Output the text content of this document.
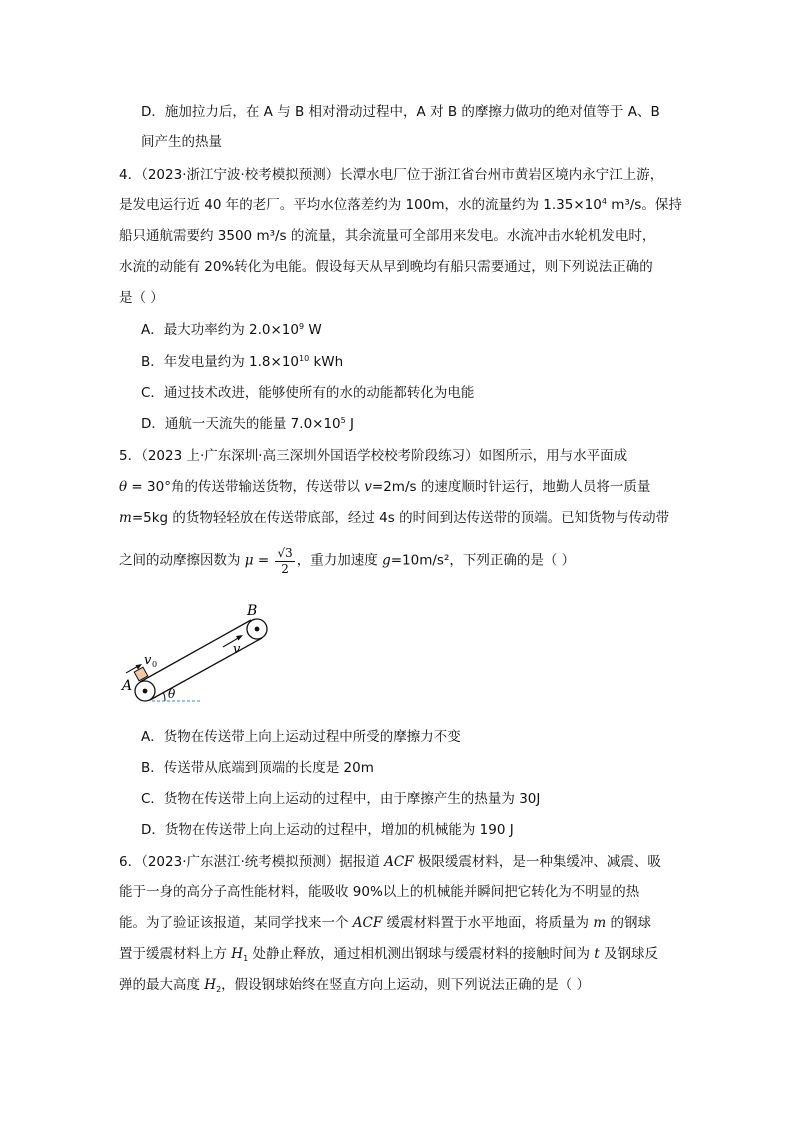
D．施加拉力后，在 A 与 B 相对滑动过程中，A 对 B 的摩擦力做功的绝对值等于 A、B
间产生的热量
4．（2023·浙江宁波·校考模拟预测）长潭水电厂位于浙江省台州市黄岩区境内永宁江上游，
是发电运行近 40 年的老厂。平均水位落差约为 100m，水的流量约为 $1.35\times 10^4$ m³/s。保持
船只通航需要约 3500 m³/s 的流量，其余流量可全部用来发电。水流冲击水轮机发电时，
水流的动能有 20%转化为电能。假设每天从早到晚均有船只需要通过，则下列说法正确的
是（ ）
A．最大功率约为 $2.0\times 10^9$ W
B．年发电量约为 $1.8\times 10^{10}$ kWh
C．通过技术改进，能够使所有的水的动能都转化为电能
D．通航一天流失的能量 $7.0\times 10^5$ J
5．（2023 上·广东深圳·高三深圳外国语学校校考阶段练习）如图所示，用与水平面成
θ = 30°角的传送带输送货物，传送带以 v=2m/s 的速度顺时针运行，地勤人员将一质量
m=5kg 的货物轻轻放在传送带底部，经过 4s 的时间到达传送带的顶端。已知货物与传动带
之间的动摩擦因数为 $\mu = \frac{√3}{2}$ ，重力加速度 g=10m/s²，下列正确的是（ ）
A
B
v 0
v
θ
A．货物在传送带上向上运动过程中所受的摩擦力不变
B．传送带从底端到顶端的长度是 20m
C．货物在传送带上向上运动的过程中，由于摩擦产生的热量为 30J
D．货物在传送带上向上运动的过程中，增加的机械能为 190 J
6．（2023·广东湛江·统考模拟预测）据报道 ACF 极限缓震材料，是一种集缓冲、减震、吸
能于一身的高分子高性能材料，能吸收 90%以上的机械能并瞬间把它转化为不明显的热
能。为了验证该报道，某同学找来一个 ACF 缓震材料置于水平地面，将质量为 m 的钢球
置于缓震材料上方 $H_1$ 处静止释放，通过相机测出钢球与缓震材料的接触时间为 t 及钢球反
弹的最大高度 $H_2$，假设钢球始终在竖直方向上运动，则下列说法正确的是（ ）
